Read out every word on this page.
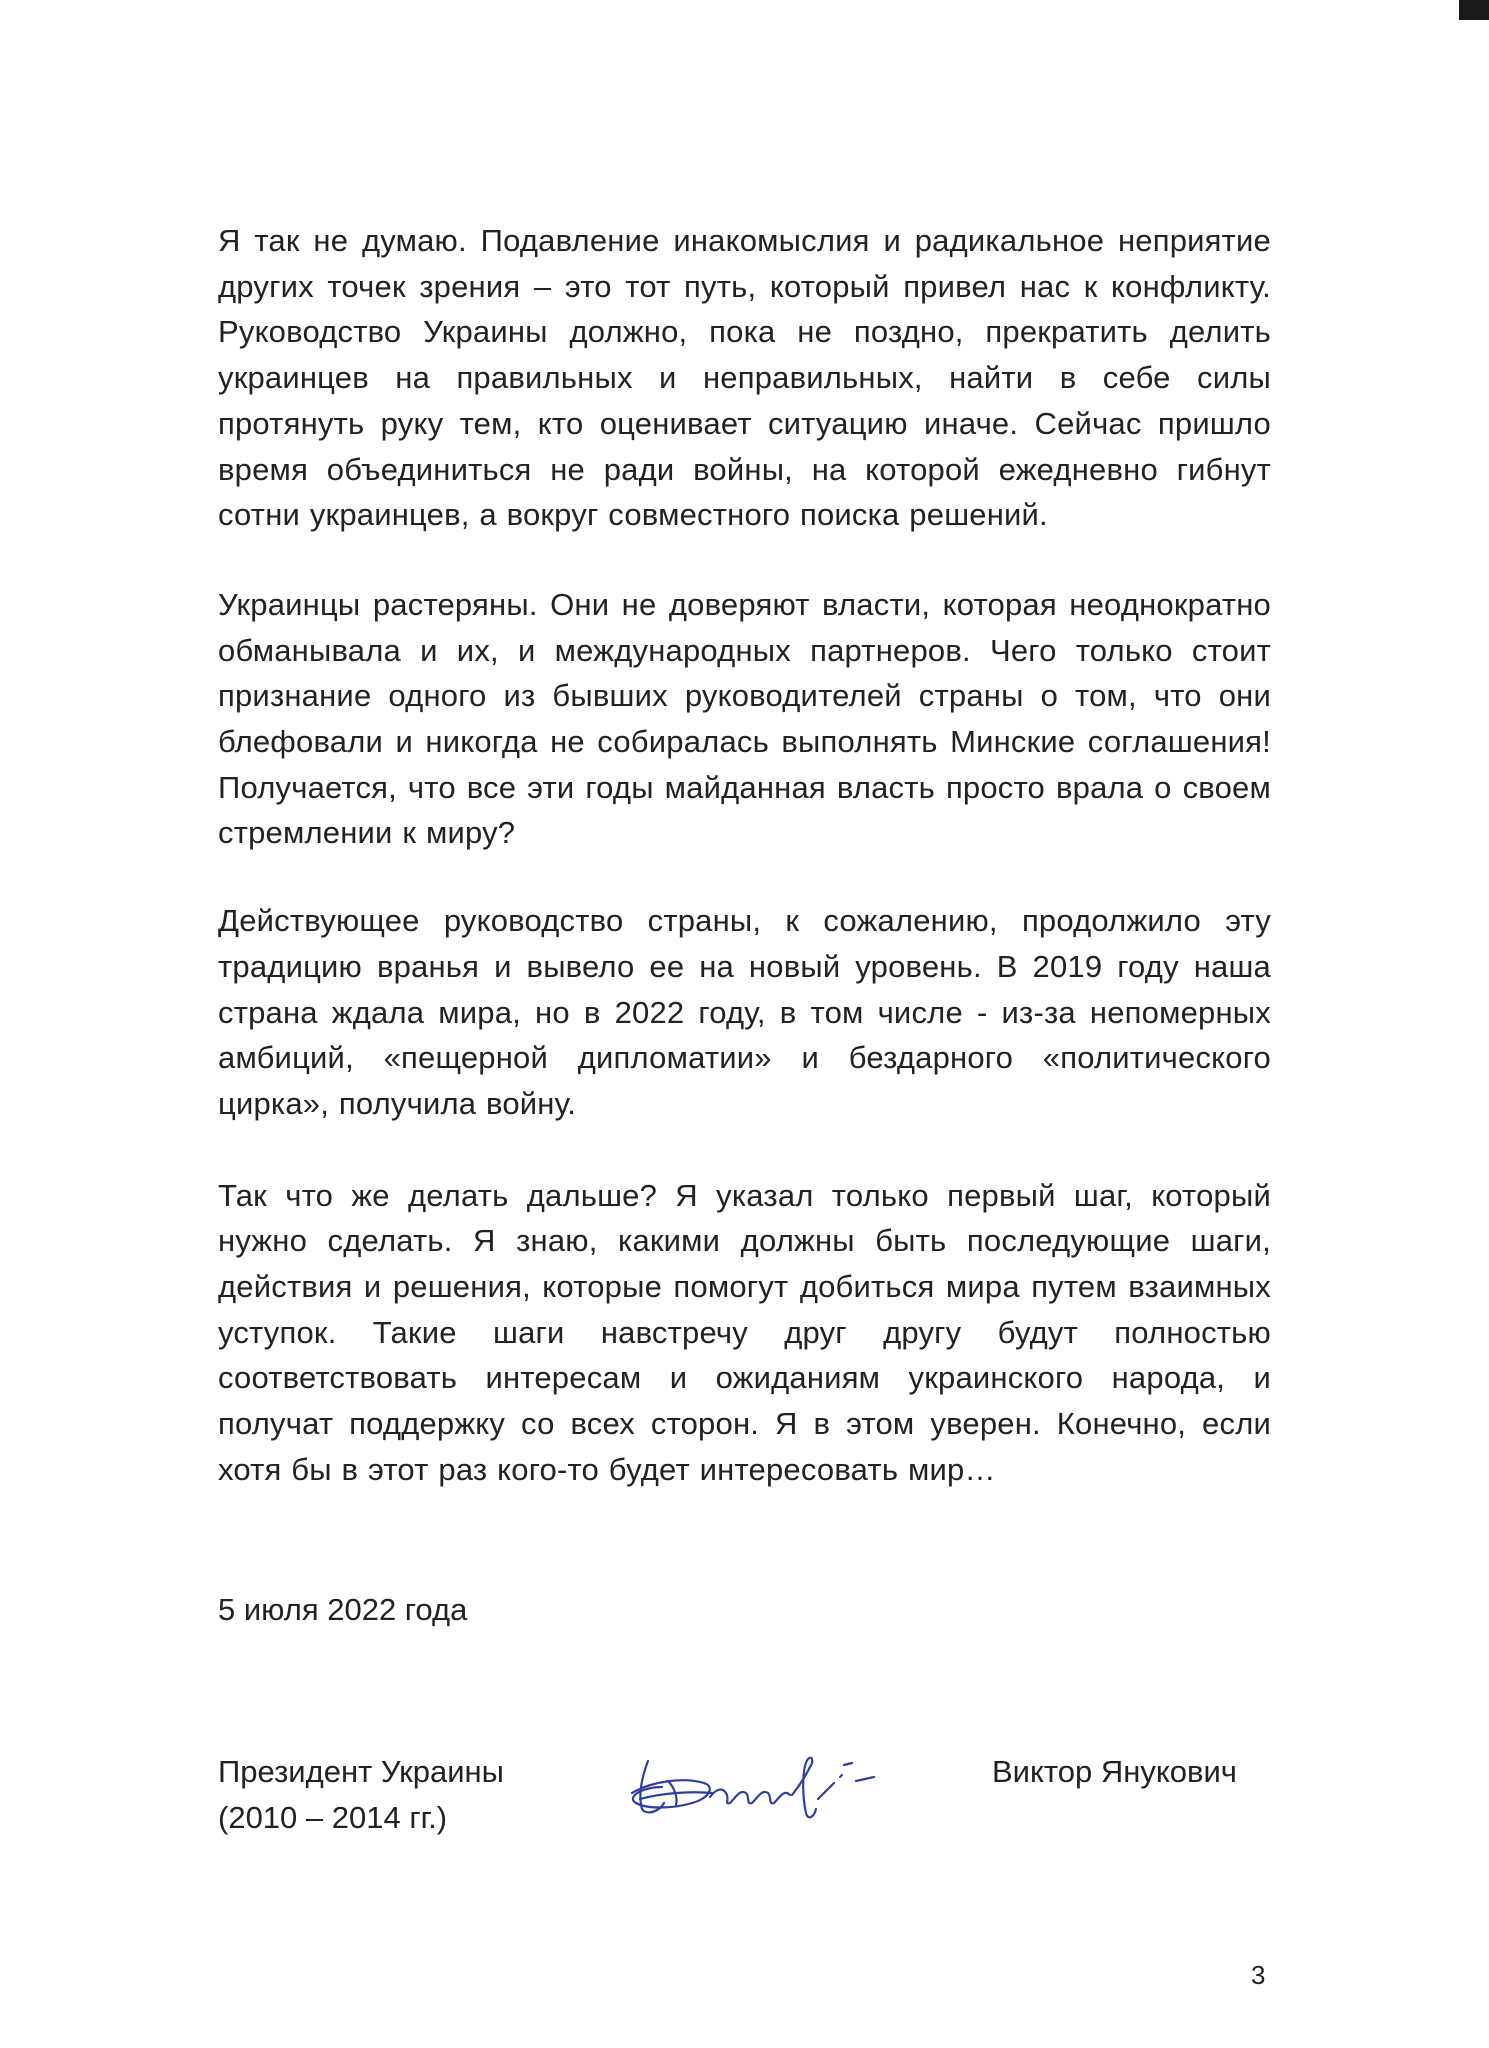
Я так не думаю. Подавление инакомыслия и радикальное неприятие других точек зрения – это тот путь, который привел нас к конфликту. Руководство Украины должно, пока не поздно, прекратить делить украинцев на правильных и неправильных, найти в себе силы протянуть руку тем, кто оценивает ситуацию иначе. Сейчас пришло время объединиться не ради войны, на которой ежедневно гибнут сотни украинцев, а вокруг совместного поиска решений.

Украинцы растеряны. Они не доверяют власти, которая неоднократно обманывала и их, и международных партнеров. Чего только стоит признание одного из бывших руководителей страны о том, что они блефовали и никогда не собиралась выполнять Минские соглашения! Получается, что все эти годы майданная власть просто врала о своем стремлении к миру?

Действующее руководство страны, к сожалению, продолжило эту традицию вранья и вывело ее на новый уровень. В 2019 году наша страна ждала мира, но в 2022 году, в том числе - из-за непомерных амбиций, «пещерной дипломатии» и бездарного «политического цирка», получила войну.

Так что же делать дальше? Я указал только первый шаг, который нужно сделать. Я знаю, какими должны быть последующие шаги, действия и решения, которые помогут добиться мира путем взаимных уступок. Такие шаги навстречу друг другу будут полностью соответствовать интересам и ожиданиям украинского народа, и получат поддержку со всех сторон. Я в этом уверен. Конечно, если хотя бы в этот раз кого-то будет интересовать мир…

5 июля 2022 года
Президент Украины
(2010 – 2014 гг.)
Виктор Янукович
3
